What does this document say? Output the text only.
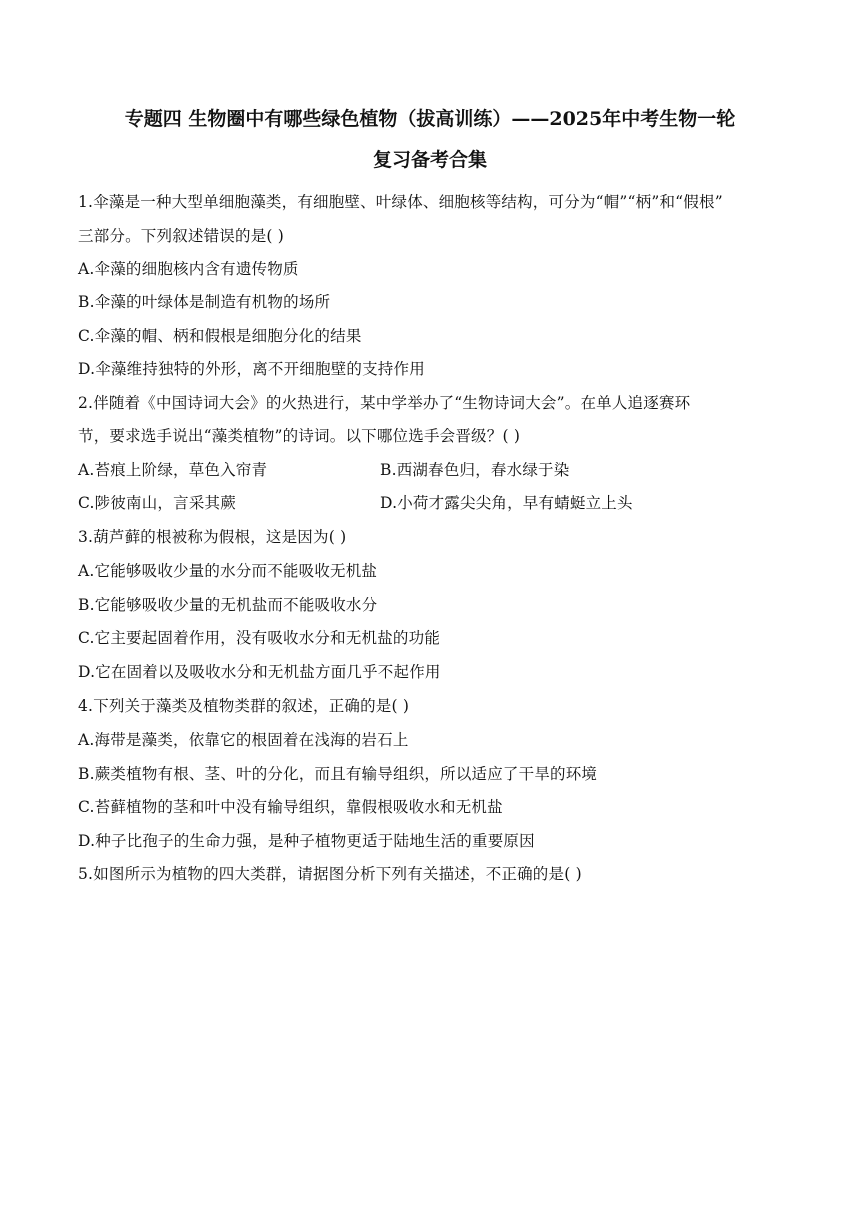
专题四 生物圈中有哪些绿色植物（拔高训练）——2025年中考生物一轮
复习备考合集
1.伞藻是一种大型单细胞藻类，有细胞壁、叶绿体、细胞核等结构，可分为“帽”“柄”和“假根”
三部分。下列叙述错误的是( )
A.伞藻的细胞核内含有遗传物质
B.伞藻的叶绿体是制造有机物的场所
C.伞藻的帽、柄和假根是细胞分化的结果
D.伞藻维持独特的外形，离不开细胞壁的支持作用
2.伴随着《中国诗词大会》的火热进行，某中学举办了“生物诗词大会”。在单人追逐赛环
节，要求选手说出“藻类植物”的诗词。以下哪位选手会晋级？( )
A.苔痕上阶绿，草色入帘青	B.西湖春色归，春水绿于染
C.陟彼南山，言采其蕨	D.小荷才露尖尖角，早有蜻蜓立上头
3.葫芦藓的根被称为假根，这是因为( )
A.它能够吸收少量的水分而不能吸收无机盐
B.它能够吸收少量的无机盐而不能吸收水分
C.它主要起固着作用，没有吸收水分和无机盐的功能
D.它在固着以及吸收水分和无机盐方面几乎不起作用
4.下列关于藻类及植物类群的叙述，正确的是( )
A.海带是藻类，依靠它的根固着在浅海的岩石上
B.蕨类植物有根、茎、叶的分化，而且有输导组织，所以适应了干旱的环境
C.苔藓植物的茎和叶中没有输导组织，靠假根吸收水和无机盐
D.种子比孢子的生命力强，是种子植物更适于陆地生活的重要原因
5.如图所示为植物的四大类群，请据图分析下列有关描述，不正确的是( )
